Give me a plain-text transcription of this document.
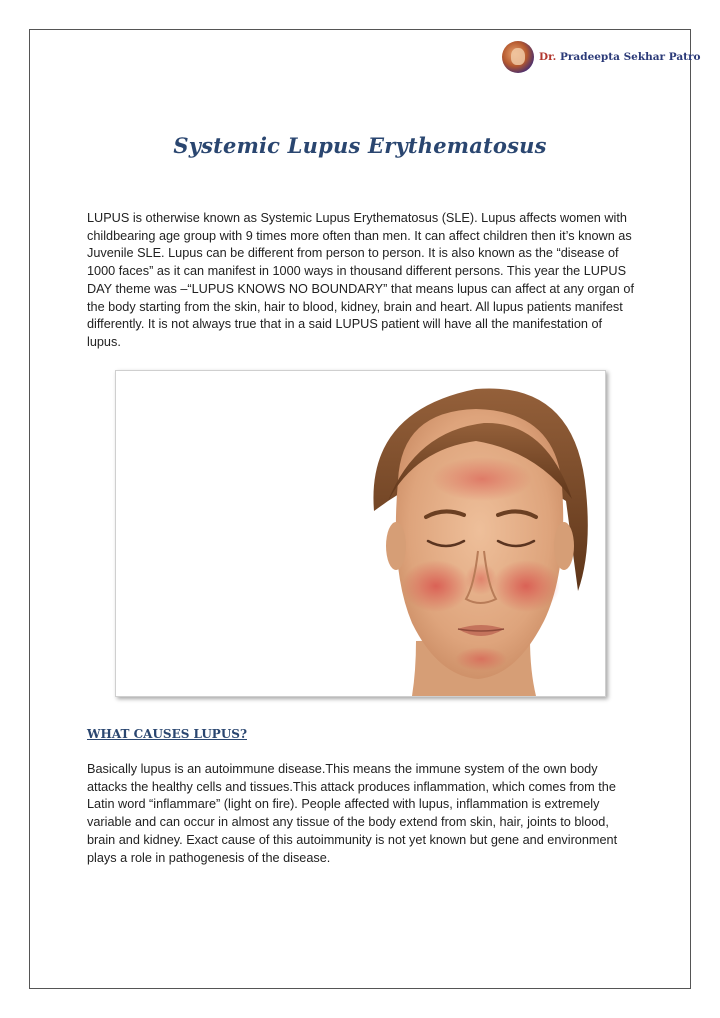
Dr. Pradeepta Sekhar Patro
Systemic Lupus Erythematosus

LUPUS is otherwise known as Systemic Lupus Erythematosus (SLE). Lupus affects women with childbearing age group with 9 times more often than men. It can affect children then it’s known as Juvenile SLE. Lupus can be different from person to person. It is also known as the “disease of 1000 faces” as it can manifest in 1000 ways in thousand different persons. This year the LUPUS DAY theme was –“LUPUS KNOWS NO BOUNDARY” that means lupus can affect at any organ of the body starting from the skin, hair to blood, kidney, brain and heart. All lupus patients manifest differently. It is not always true that in a said LUPUS patient will have all the manifestation of lupus.

WHAT CAUSES LUPUS?

Basically lupus is an autoimmune disease.This means the immune system of the own body attacks the healthy cells and tissues.This attack produces inflammation, which comes from the Latin word “inflammare” (light on fire). People affected with lupus, inflammation is extremely variable and can occur in almost any tissue of the body extend from skin, hair, joints to blood, brain and kidney. Exact cause of this autoimmunity is not yet known but gene and environment plays a role in pathogenesis of the disease.
